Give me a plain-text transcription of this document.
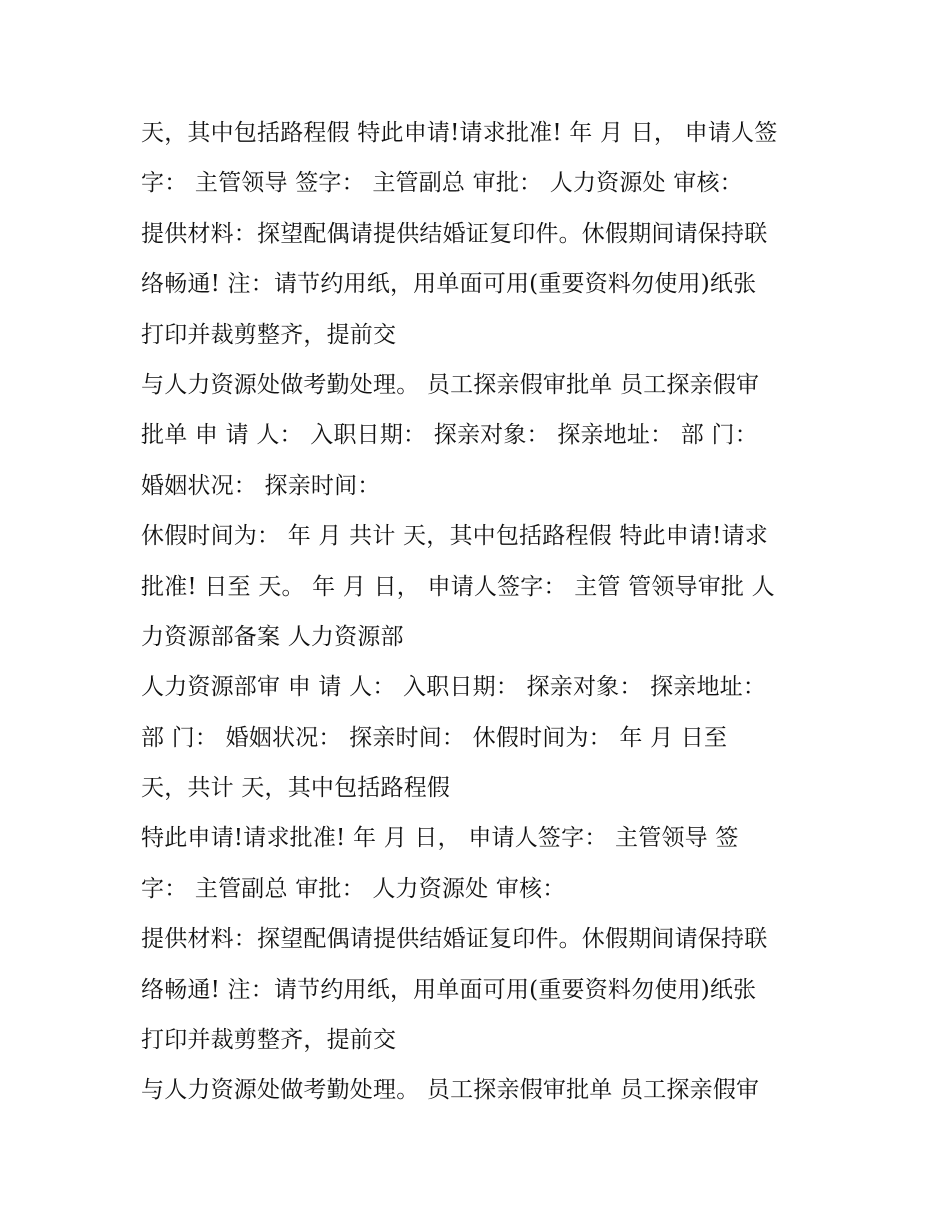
天，其中包括路程假 特此申请!请求批准! 年 月 日， 申请人签
字： 主管领导 签字： 主管副总 审批： 人力资源处 审核：
提供材料：探望配偶请提供结婚证复印件。休假期间请保持联
络畅通! 注：请节约用纸，用单面可用(重要资料勿使用)纸张
打印并裁剪整齐，提前交
与人力资源处做考勤处理。 员工探亲假审批单 员工探亲假审
批单 申 请 人： 入职日期： 探亲对象： 探亲地址： 部 门：
婚姻状况： 探亲时间：
休假时间为： 年 月 共计 天，其中包括路程假 特此申请!请求
批准! 日至 天。 年 月 日， 申请人签字： 主管 管领导审批 人
力资源部备案 人力资源部
人力资源部审 申 请 人： 入职日期： 探亲对象： 探亲地址：
部 门： 婚姻状况： 探亲时间： 休假时间为： 年 月 日至
天，共计 天，其中包括路程假
特此申请!请求批准! 年 月 日， 申请人签字： 主管领导 签
字： 主管副总 审批： 人力资源处 审核：
提供材料：探望配偶请提供结婚证复印件。休假期间请保持联
络畅通! 注：请节约用纸，用单面可用(重要资料勿使用)纸张
打印并裁剪整齐，提前交
与人力资源处做考勤处理。 员工探亲假审批单 员工探亲假审
